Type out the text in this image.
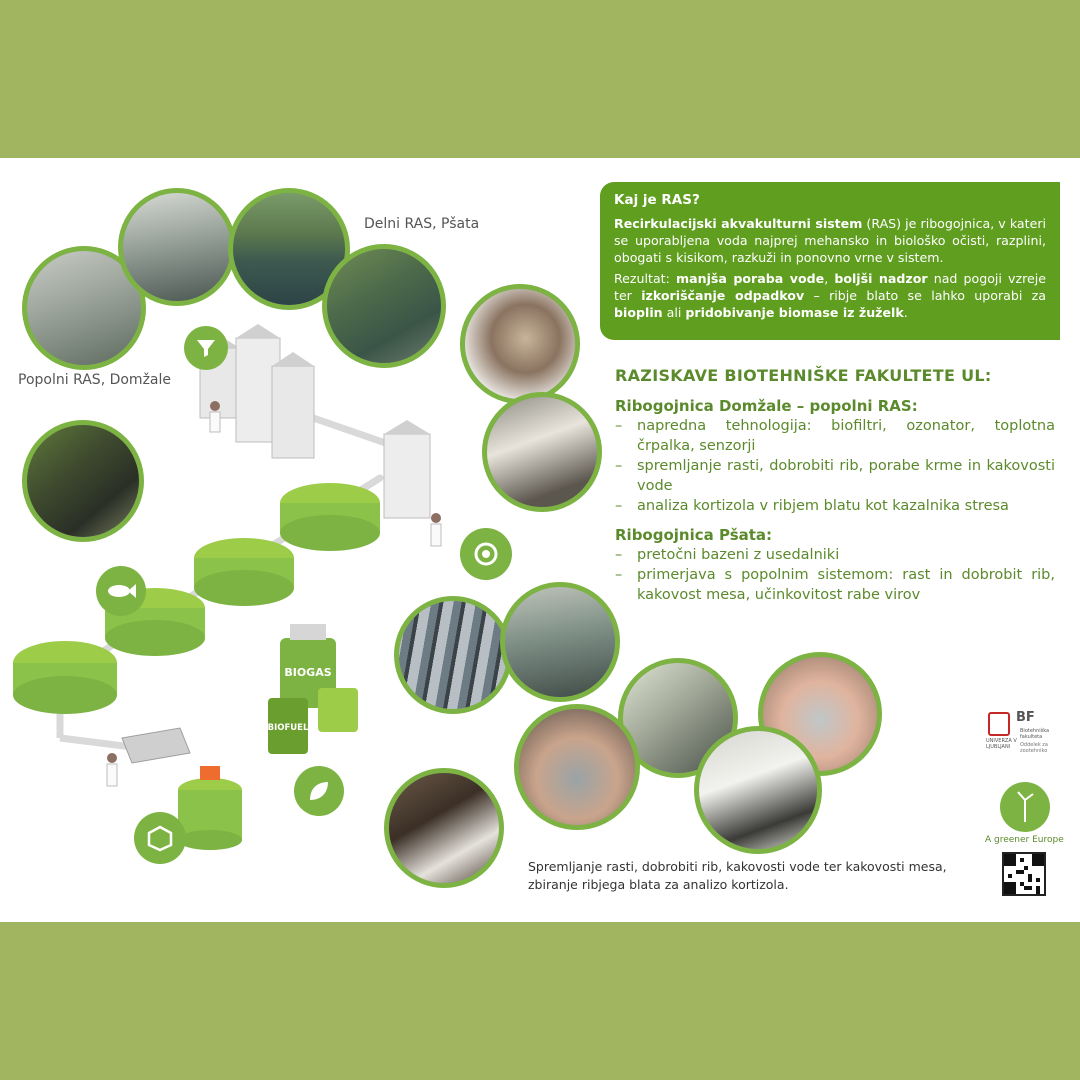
Delni RAS, Pšata
Popolni RAS, Domžale
BIOGAS
BIOFUEL
Kaj je RAS?

Recirkulacijski akvakulturni sistem (RAS) je ribogojnica, v kateri se uporabljena voda najprej mehansko in biološko očisti, razplini, obogati s kisikom, razkuži in ponovno vrne v sistem.

Rezultat: manjša poraba vode, boljši nadzor nad pogoji vzreje ter izkoriščanje odpadkov – ribje blato se lahko uporabi za bioplin ali pridobivanje biomase iz žuželk.

RAZISKAVE BIOTEHNIŠKE FAKULTETE UL:
Ribogojnica Domžale – popolni RAS:
– napredna tehnologija: biofiltri, ozonator, toplotna črpalka, senzorji
– spremljanje rasti, dobrobiti rib, porabe krme in kakovosti vode
– analiza kortizola v ribjem blatu kot kazalnika stresa
Ribogojnica Pšata:
– pretočni bazeni z usedalniki
– primerjava s popolnim sistemom: rast in dobrobit rib, kakovost mesa, učinkovitost rabe virov
Spremljanje rasti, dobrobiti rib, kakovosti vode ter kakovosti mesa, zbiranje ribjega blata za analizo kortizola.
BF
UNIVERZA V LJUBLJANI
Biotehniška fakulteta
Oddelek za zootehniko
A greener Europe
